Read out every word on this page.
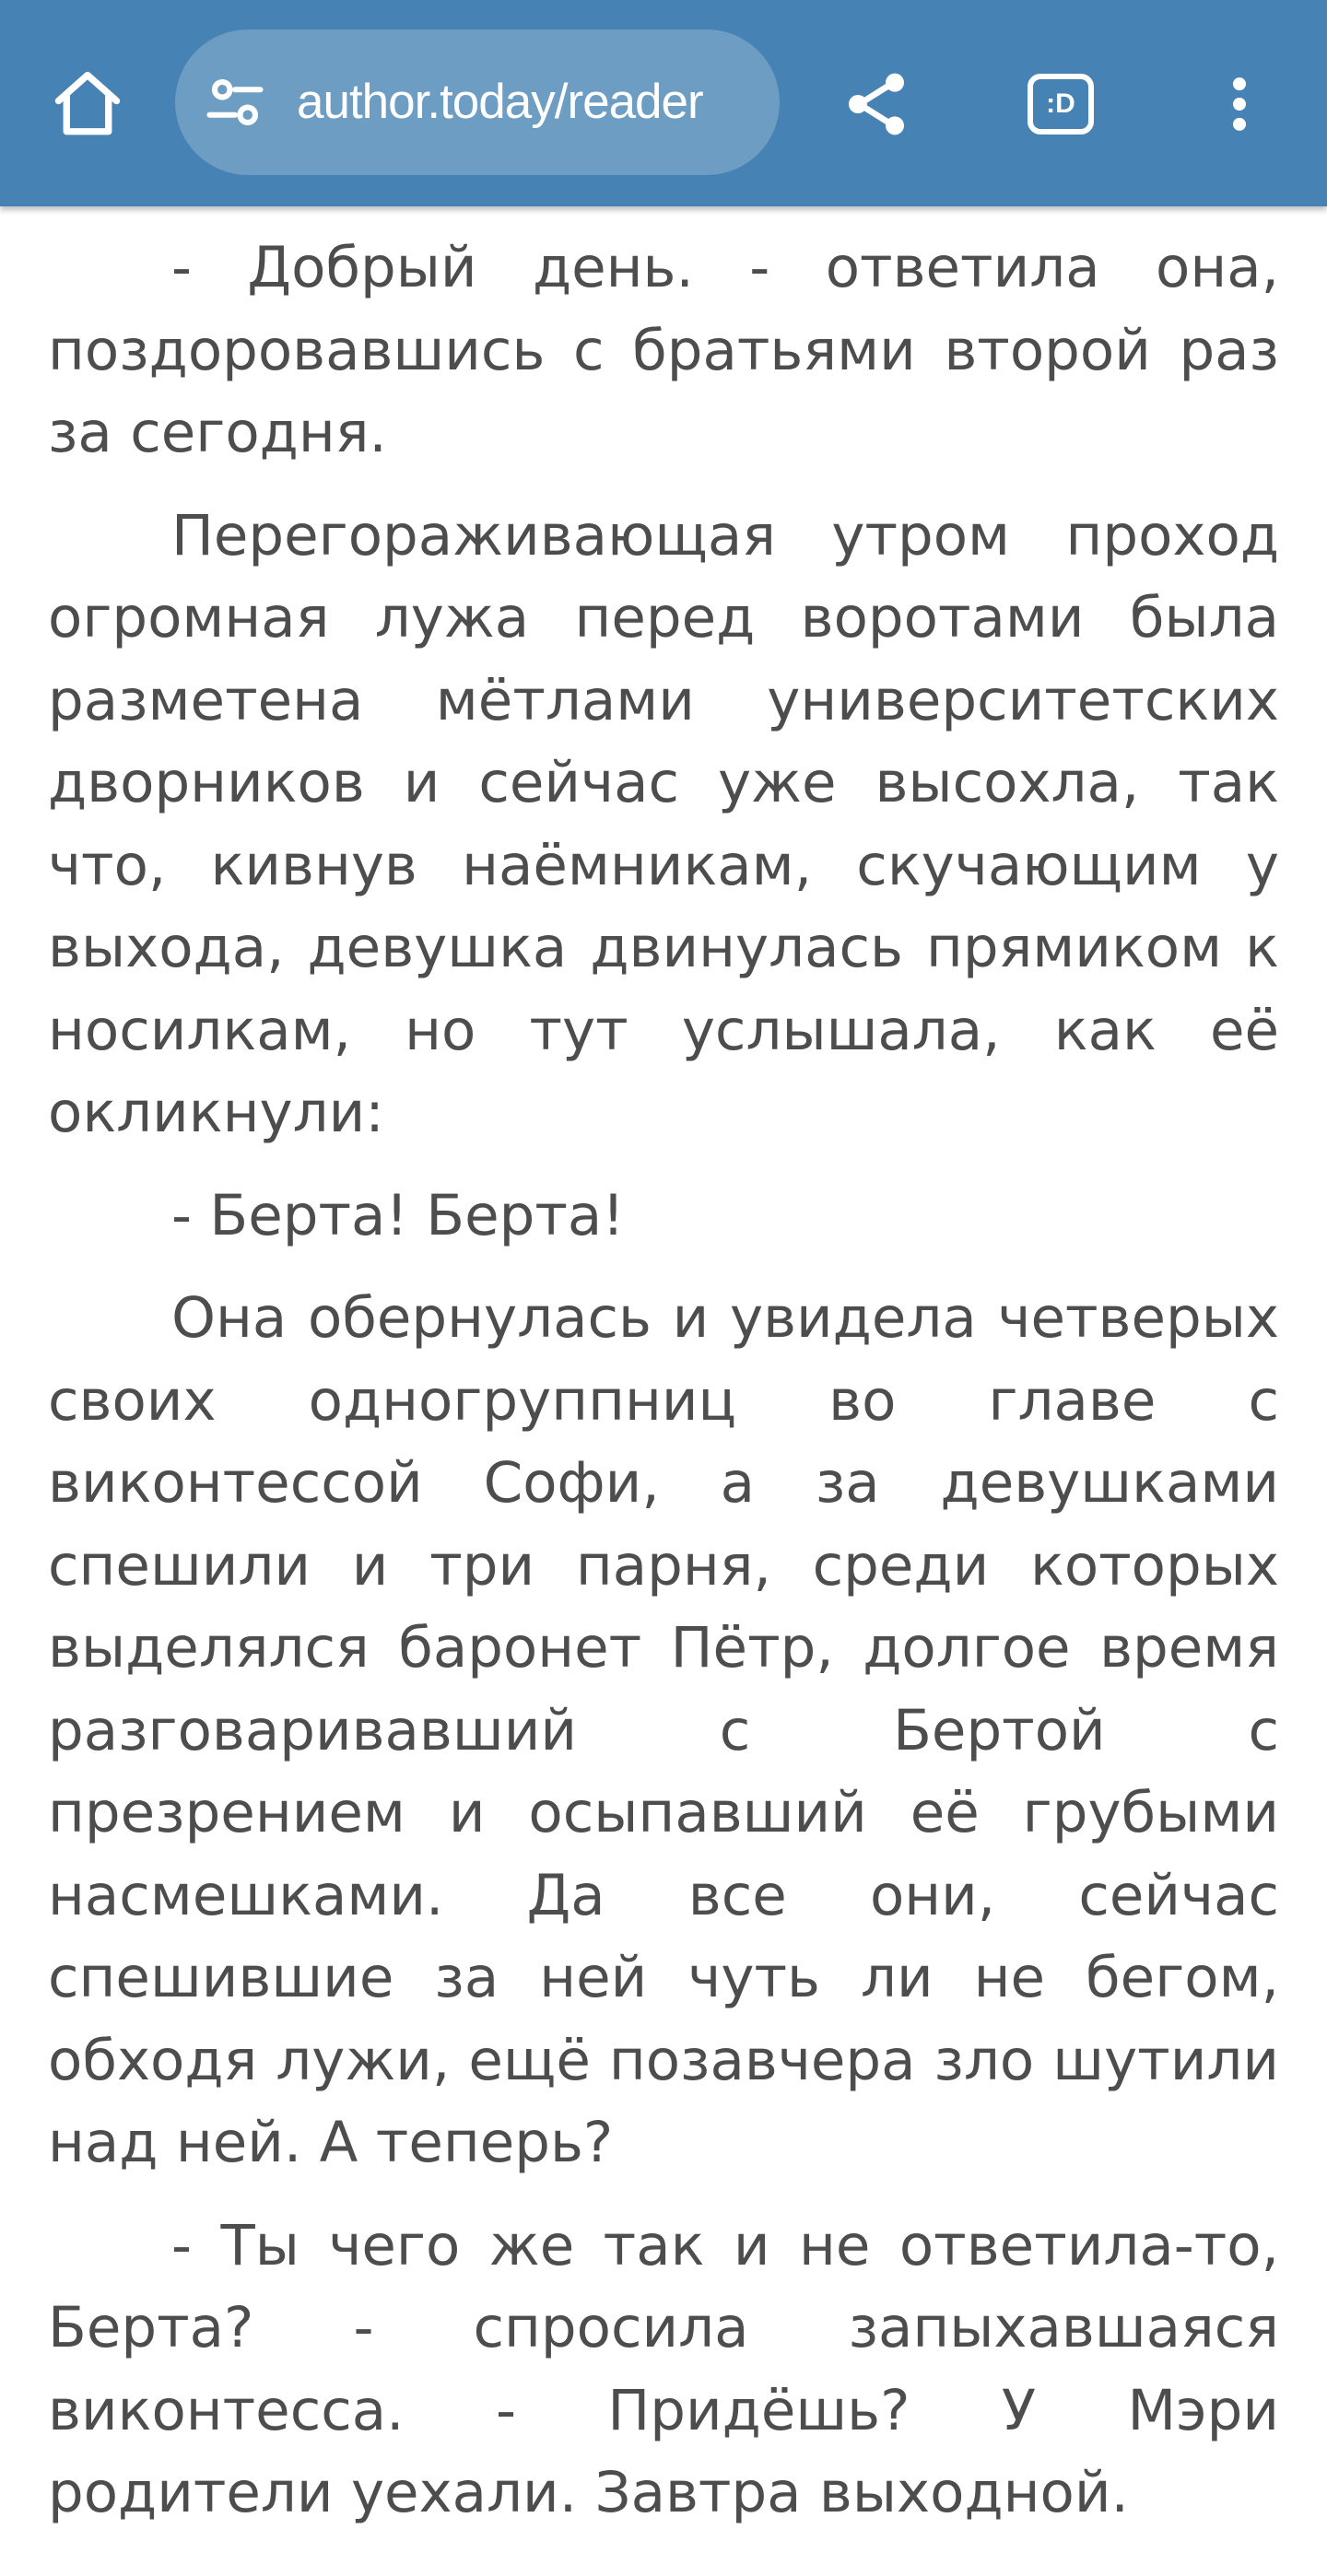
author.today/reader	:D

- Добрый день. - ответила она, поздоровавшись с братьями второй раз за сегодня.

Перегораживающая утром проход огромная лужа перед воротами была разметена мётлами университетских дворников и сейчас уже высохла, так что, кивнув наёмникам, скучающим у выхода, девушка двинулась прямиком к носилкам, но тут услышала, как её окликнули:

- Берта! Берта!

Она обернулась и увидела четверых своих одногруппниц во главе с виконтессой Софи, а за девушками спешили и три парня, среди которых выделялся баронет Пётр, долгое время разговаривавший с Бертой с презрением и осыпавший её грубыми насмешками. Да все они, сейчас спешившие за ней чуть ли не бегом, обходя лужи, ещё позавчера зло шутили над ней. А теперь?

- Ты чего же так и не ответила-то, Берта? - спросила запыхавшаяся виконтесса. - Придёшь? У Мэри родители уехали. Завтра выходной.
